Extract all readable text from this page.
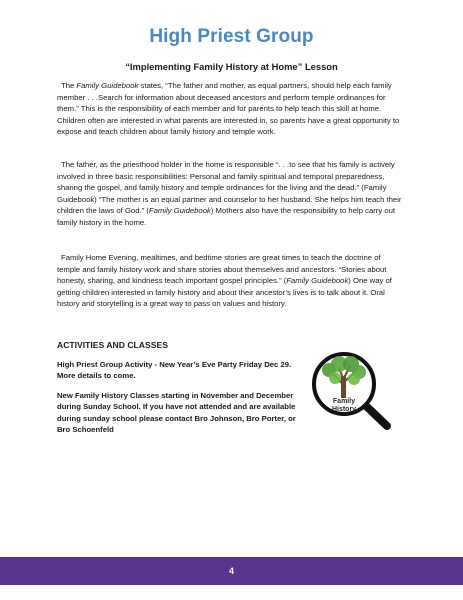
High Priest Group
“Implementing Family History at Home” Lesson

The Family Guidebook states, “The father and mother, as equal partners, should help each family member . . .Search for information about deceased ancestors and perform temple ordinances for them.” This is the responsibility of each member and for parents to help teach this skill at home. Children often are interested in what parents are interested in, so parents have a great opportunity to expose and teach children about family history and temple work.

The father, as the priesthood holder in the home is responsible “. . .to see that his family is actively involved in three basic responsibilities: Personal and family spiritual and temporal preparedness, sharing the gospel, and family history and temple ordinances for the living and the dead.” (Family Guidebook) “The mother is an equal partner and counselor to her husband. She helps him teach their children the laws of God.” (Family Guidebook) Mothers also have the responsibility to help carry out family history in the home.

Family Home Evening, mealtimes, and bedtime stories are great times to teach the doctrine of temple and family history work and share stories about themselves and ancestors. “Stories about honesty, sharing, and kindness teach important gospel principles.” (Family Guidebook) One way of getting children interested in family history and about their ancestor’s lives is to talk about it. Oral history and storytelling is a great way to pass on values and history.

ACTIVITIES AND CLASSES
High Priest Group Activity - New Year’s Eve Party Friday Dec 29. More details to come.
New Family History Classes starting in November and December during Sunday School. If you have not attended and are available during sunday school please contact Bro Johnson, Bro Porter, or Bro Schoenfeld
Family
History
4
